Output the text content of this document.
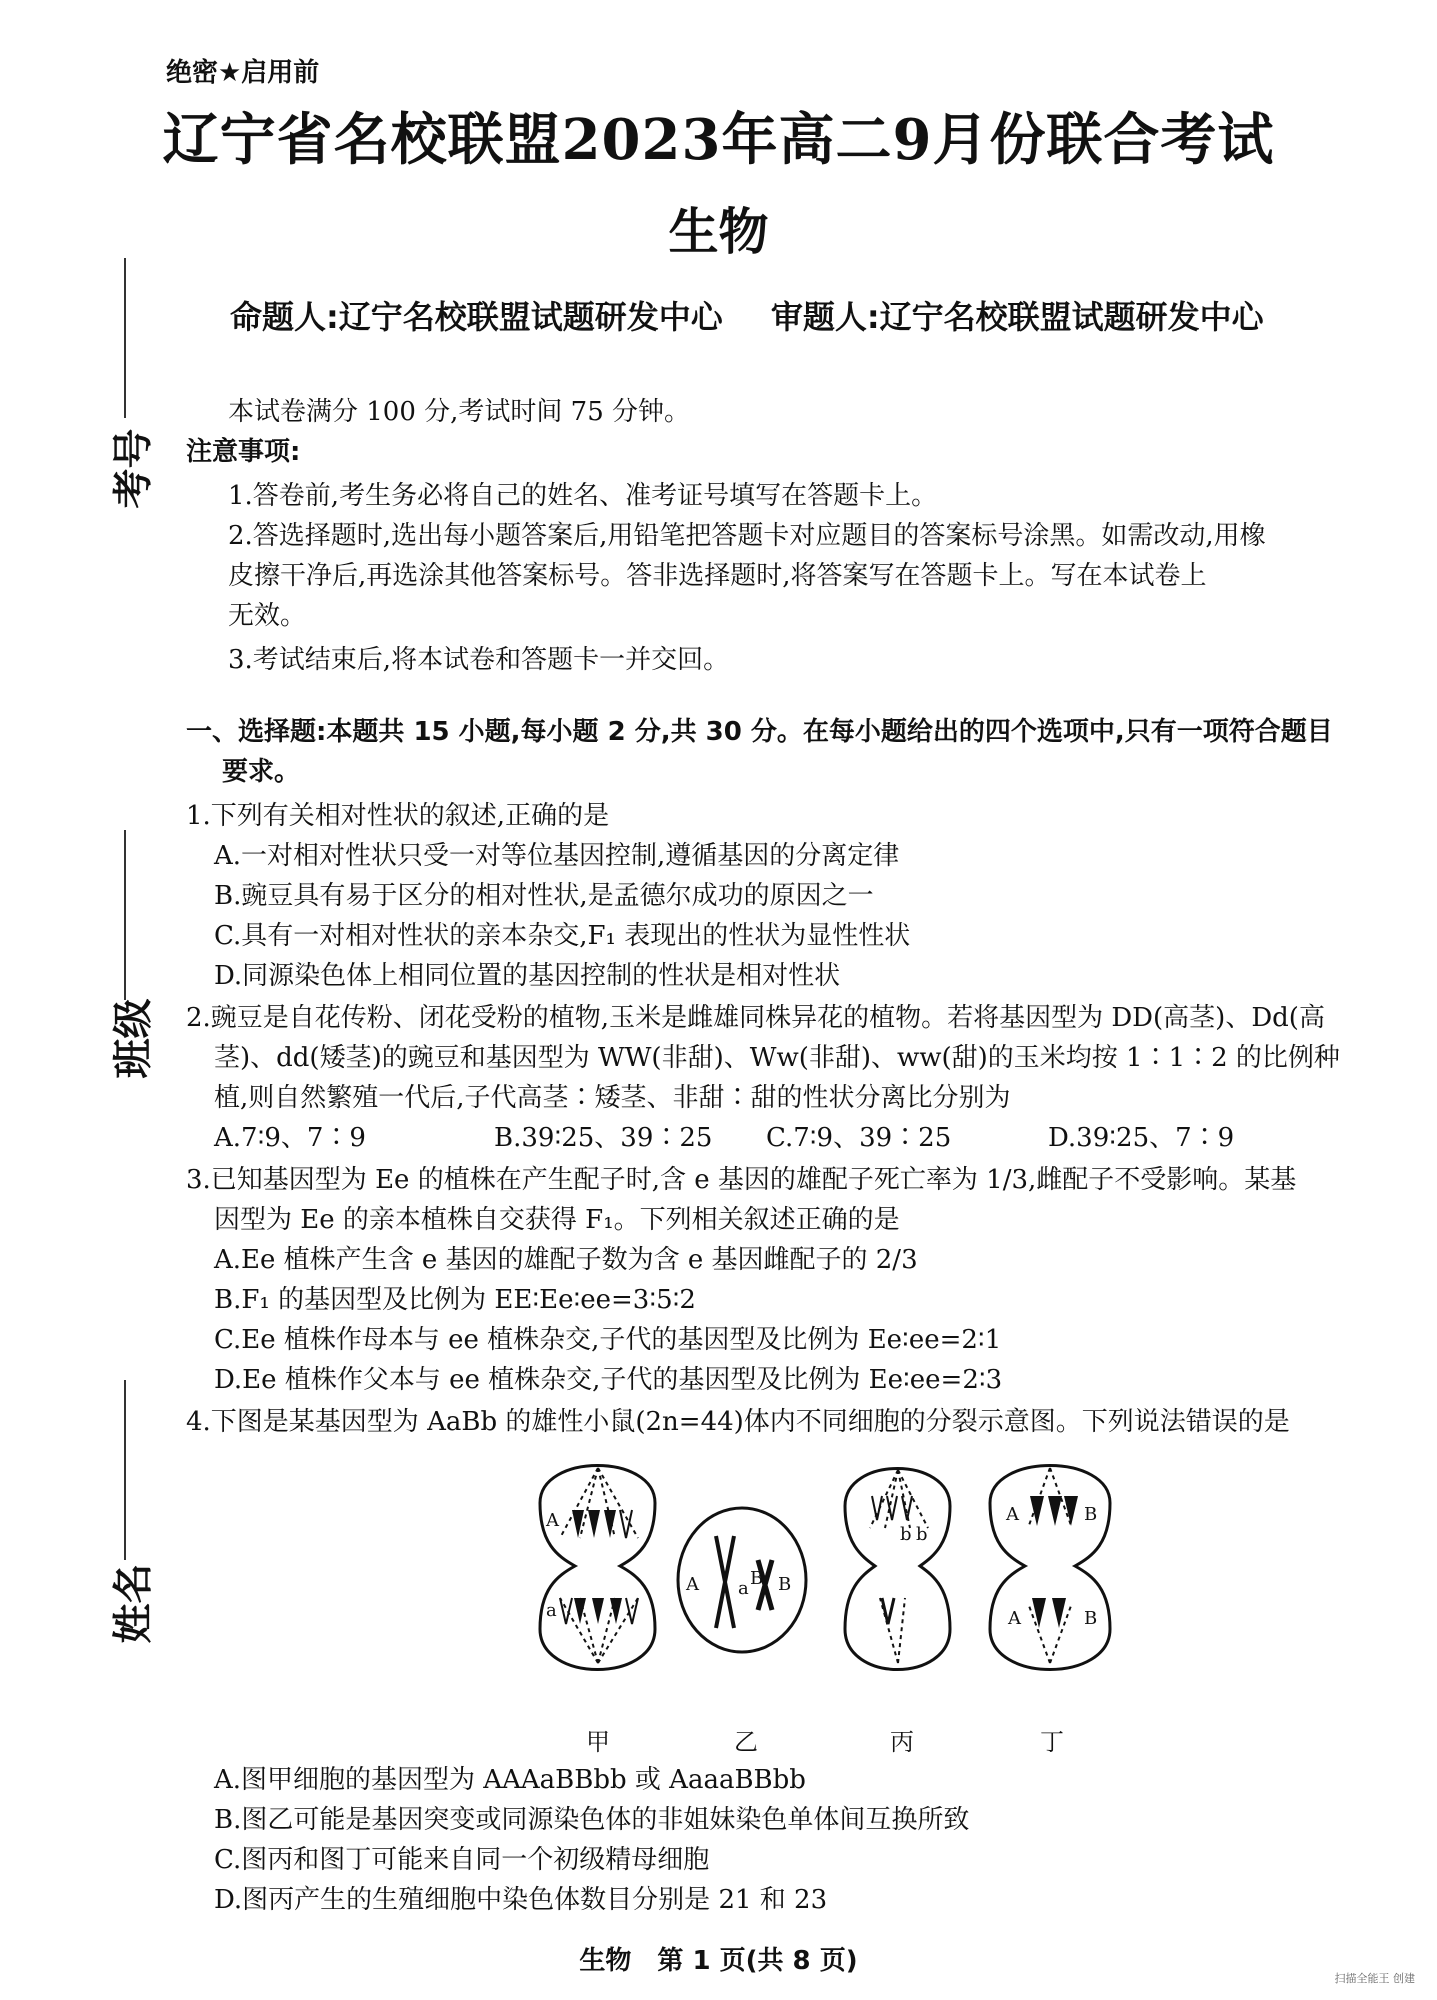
绝密★启用前
辽宁省名校联盟2023年高二9月份联合考试
生物
命题人:辽宁名校联盟试题研发中心 审题人:辽宁名校联盟试题研发中心
考号
班级
姓名
本试卷满分 100 分,考试时间 75 分钟。
注意事项:
1.答卷前,考生务必将自己的姓名、准考证号填写在答题卡上。
2.答选择题时,选出每小题答案后,用铅笔把答题卡对应题目的答案标号涂黑。如需改动,用橡
皮擦干净后,再选涂其他答案标号。答非选择题时,将答案写在答题卡上。写在本试卷上
无效。
3.考试结束后,将本试卷和答题卡一并交回。
一、选择题:本题共 15 小题,每小题 2 分,共 30 分。在每小题给出的四个选项中,只有一项符合题目
要求。
1.下列有关相对性状的叙述,正确的是
A.一对相对性状只受一对等位基因控制,遵循基因的分离定律
B.豌豆具有易于区分的相对性状,是孟德尔成功的原因之一
C.具有一对相对性状的亲本杂交,F₁ 表现出的性状为显性性状
D.同源染色体上相同位置的基因控制的性状是相对性状
2.豌豆是自花传粉、闭花受粉的植物,玉米是雌雄同株异花的植物。若将基因型为 DD(高茎)、Dd(高
茎)、dd(矮茎)的豌豆和基因型为 WW(非甜)、Ww(非甜)、ww(甜)的玉米均按 1∶1∶2 的比例种
植,则自然繁殖一代后,子代高茎∶矮茎、非甜∶甜的性状分离比分别为
A.7∶9、7∶9	B.39∶25、39∶25 C.7∶9、39∶25	D.39∶25、7∶9
3.已知基因型为 Ee 的植株在产生配子时,含 e 基因的雄配子死亡率为 1/3,雌配子不受影响。某基
因型为 Ee 的亲本植株自交获得 F₁。下列相关叙述正确的是
A.Ee 植株产生含 e 基因的雄配子数为含 e 基因雌配子的 2/3
B.F₁ 的基因型及比例为 EE∶Ee∶ee=3∶5∶2
C.Ee 植株作母本与 ee 植株杂交,子代的基因型及比例为 Ee∶ee=2∶1
D.Ee 植株作父本与 ee 植株杂交,子代的基因型及比例为 Ee∶ee=2∶3
4.下图是某基因型为 AaBb 的雄性小鼠(2n=44)体内不同细胞的分裂示意图。下列说法错误的是
A
a
A a B B
b b
A	B
A	B
甲	乙	丙	丁
A.图甲细胞的基因型为 AAAaBBbb 或 AaaaBBbb
B.图乙可能是基因突变或同源染色体的非姐妹染色单体间互换所致
C.图丙和图丁可能来自同一个初级精母细胞
D.图丙产生的生殖细胞中染色体数目分别是 21 和 23
生物　第 1 页(共 8 页)
扫描全能王 创建
